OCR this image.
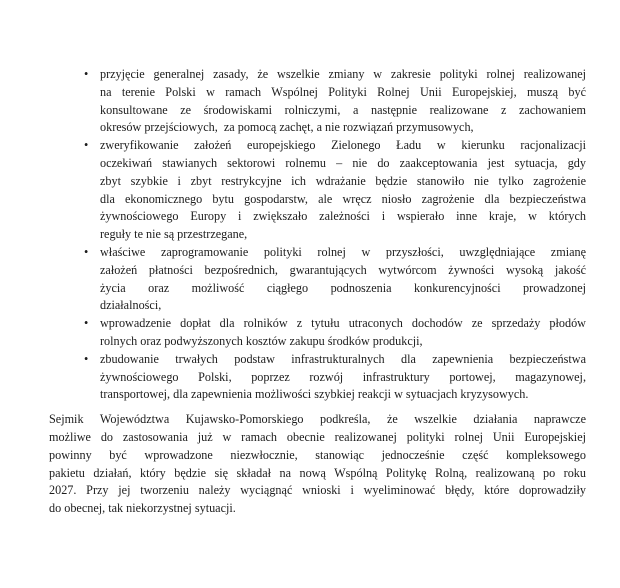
• przyjęcie generalnej zasady, że wszelkie zmiany w zakresie polityki rolnej realizowanej
na terenie Polski w ramach Wspólnej Polityki Rolnej Unii Europejskiej, muszą być
konsultowane ze środowiskami rolniczymi, a następnie realizowane z zachowaniem
okresów przejściowych,  za pomocą zachęt, a nie rozwiązań przymusowych,
• zweryfikowanie założeń europejskiego Zielonego Ładu w kierunku racjonalizacji
oczekiwań stawianych sektorowi rolnemu – nie do zaakceptowania jest sytuacja, gdy
zbyt szybkie i zbyt restrykcyjne ich wdrażanie będzie stanowiło nie tylko zagrożenie
dla ekonomicznego bytu gospodarstw, ale wręcz niosło zagrożenie dla bezpieczeństwa
żywnościowego Europy i zwiększało zależności i wspierało inne kraje, w których
reguły te nie są przestrzegane,
• właściwe zaprogramowanie polityki rolnej w przyszłości, uwzględniające zmianę
założeń płatności bezpośrednich, gwarantujących wytwórcom żywności wysoką jakość
życia oraz możliwość ciągłego podnoszenia konkurencyjności prowadzonej
działalności,
• wprowadzenie dopłat dla rolników z tytułu utraconych dochodów ze sprzedaży płodów
rolnych oraz podwyższonych kosztów zakupu środków produkcji,
• zbudowanie trwałych podstaw infrastrukturalnych dla zapewnienia bezpieczeństwa
żywnościowego Polski, poprzez rozwój infrastruktury portowej, magazynowej,
transportowej, dla zapewnienia możliwości szybkiej reakcji w sytuacjach kryzysowych.
Sejmik Województwa Kujawsko-Pomorskiego podkreśla, że wszelkie działania naprawcze
możliwe do zastosowania już w ramach obecnie realizowanej polityki rolnej Unii Europejskiej
powinny być wprowadzone niezwłocznie, stanowiąc jednocześnie część kompleksowego
pakietu działań, który będzie się składał na nową Wspólną Politykę Rolną, realizowaną po roku
2027. Przy jej tworzeniu należy wyciągnąć wnioski i wyeliminować błędy, które doprowadziły
do obecnej, tak niekorzystnej sytuacji.
